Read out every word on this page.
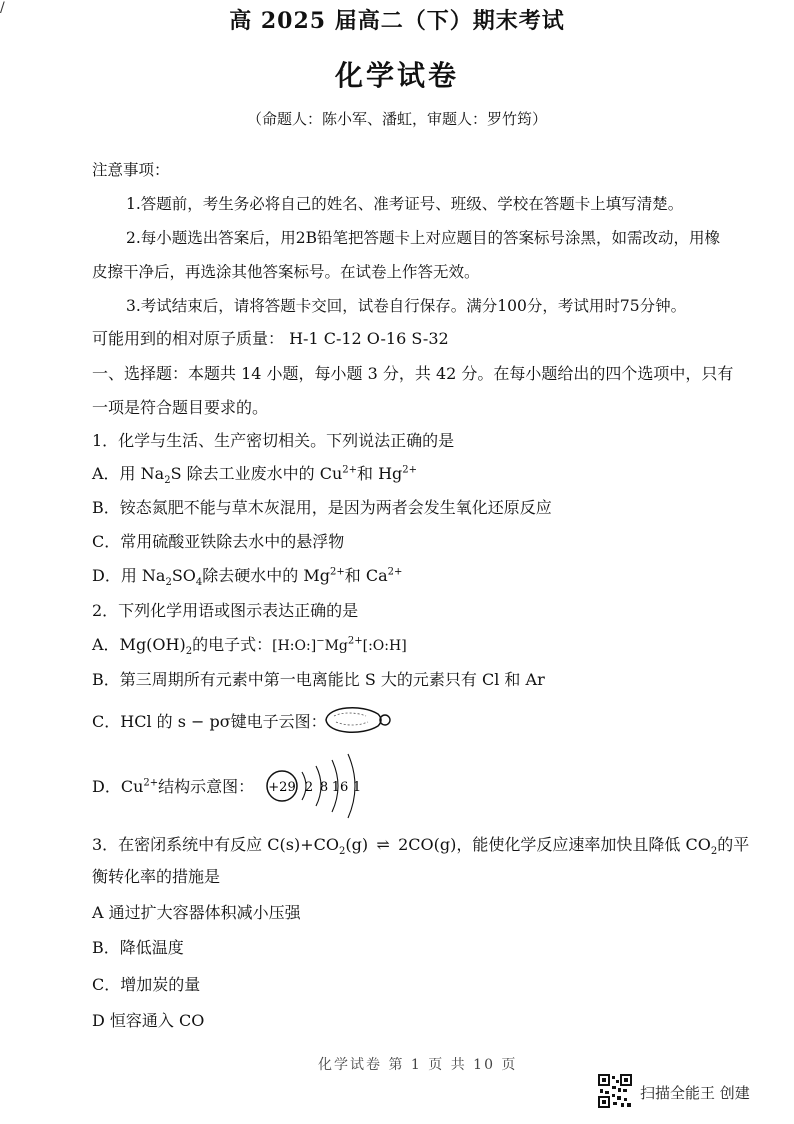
/	高 2025 届高二（下）期末考试
化学试卷
（命题人：陈小军、潘虹，审题人：罗竹筠）
注意事项：
1.答题前，考生务必将自己的姓名、准考证号、班级、学校在答题卡上填写清楚。
2.每小题选出答案后，用2B铅笔把答题卡上对应题目的答案标号涂黑，如需改动，用橡
皮擦干净后，再选涂其他答案标号。在试卷上作答无效。
3.考试结束后，请将答题卡交回，试卷自行保存。满分100分，考试用时75分钟。
可能用到的相对原子质量： H-1 C-12 O-16 S-32
一、选择题：本题共 14 小题，每小题 3 分，共 42 分。在每小题给出的四个选项中，只有
一项是符合题目要求的。
1．化学与生活、生产密切相关。下列说法正确的是
A．用 $Na_2S$ 除去工业废水中的 $Cu^{2+}$和 $Hg^{2+}$
B．铵态氮肥不能与草木灰混用，是因为两者会发生氧化还原反应
C．常用硫酸亚铁除去水中的悬浮物
D．用 $Na_2SO_4$除去硬水中的 $Mg^{2+}$和 $Ca^{2+}$
2．下列化学用语或图示表达正确的是
A．$Mg(OH)_2$的电子式：$[H:O:]^-Mg^{2+}[:O:H]$
B．第三周期所有元素中第一电离能比 S 大的元素只有 Cl 和 Ar
C．HCl 的 s − pσ键电子云图：
D．$Cu^{2+}$结构示意图： +29 2 8 16 1
3．在密闭系统中有反应 $C(s)+CO_2(g)$ ⇌ 2CO(g)，能使化学反应速率加快且降低 $CO_2$的平
衡转化率的措施是
A 通过扩大容器体积减小压强
B．降低温度
C．增加炭的量
D 恒容通入 CO
化学试卷 第 1 页 共 10 页
扫描全能王 创建
